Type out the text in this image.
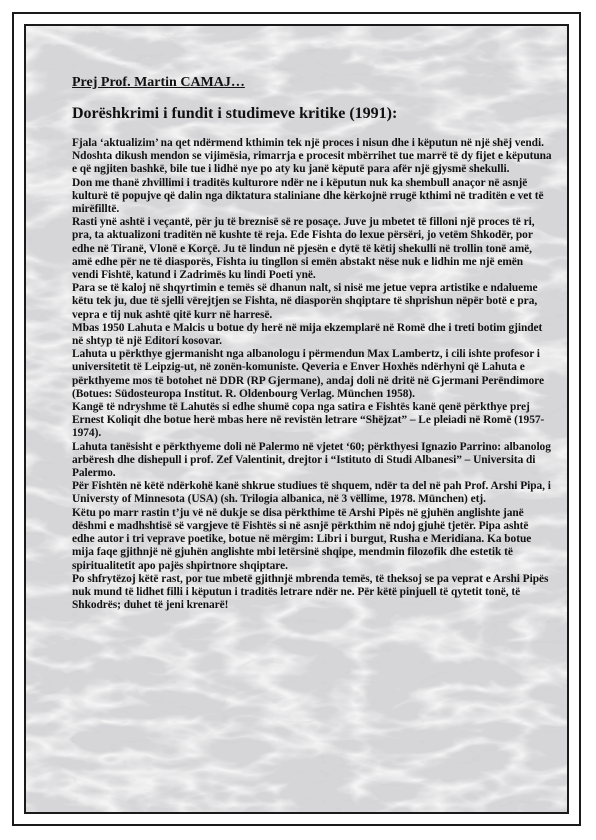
Prej Prof. Martin CAMAJ…
Dorëshkrimi i fundit i studimeve kritike (1991):

Fjala ‘aktualizim’ na qet ndërmend kthimin tek një proces i nisun dhe i këputun në një shëj vendi. Ndoshta dikush mendon se vijimësia, rimarrja e procesit mbërrihet tue marrë të dy fijet e këputuna e që ngjiten bashkë, bile tue i lidhë nye po aty ku janë këputë para afër një gjysmë shekulli.

Don me thanë zhvillimi i traditës kulturore ndër ne i këputun nuk ka shembull anaçor në asnjë kulturë të popujve që dalin nga diktatura staliniane dhe kërkojnë rrugë kthimi në traditën e vet të mirëfilltë.

Rasti ynë ashtë i veçantë, për ju të breznisë së re posaçe. Juve ju mbetet të filloni një proces të ri, pra, ta aktualizoni traditën në kushte të reja. Ede Fishta do lexue përsëri, jo vetëm Shkodër, por edhe në Tiranë, Vlonë e Korçë. Ju të lindun në pjesën e dytë të këtij shekulli në trollin tonë amë, amë edhe për ne të diasporës, Fishta iu tingllon si emën abstakt nëse nuk e lidhin me një emën vendi Fishtë, katund i Zadrimës ku lindi Poeti ynë.

Para se të kaloj në shqyrtimin e temës së dhanun nalt, si nisë me jetue vepra artistike e ndalueme këtu tek ju, due të sjelli vërejtjen se Fishta, në diasporën shqiptare të shprishun nëpër botë e pra, vepra e tij nuk ashtë qitë kurr në harresë.

Mbas 1950 Lahuta e Malcis u botue dy herë në mija ekzemplarë në Romë dhe i treti botim gjindet në shtyp të një Editorí kosovar.

Lahuta u përkthye gjermanisht nga albanologu i përmendun Max Lambertz, i cili ishte profesor i universitetit të Leipzig-ut, në zonën-komuniste. Qeveria e Enver Hoxhës ndërhyni që Lahuta e përkthyeme mos të botohet në DDR (RP Gjermane), andaj doli në dritë në Gjermani Perëndimore (Botues: Südosteuropa Institut. R. Oldenbourg Verlag. München 1958).

Kangë të ndryshme të Lahutës si edhe shumë copa nga satira e Fishtës kanë qenë përkthye prej Ernest Koliqit dhe botue herë mbas here në revistën letrare “Shëjzat” – Le pleiadi në Romë (1957-1974).

Lahuta tanësisht e përkthyeme doli në Palermo në vjetet ‘60; përkthyesi Ignazio Parrino: albanolog arbëresh dhe dishepull i prof. Zef Valentinit, drejtor i “Istituto di Studi Albanesi” – Universita di Palermo.

Për Fishtën në këtë ndërkohë kanë shkrue studiues të shquem, ndër ta del në pah Prof. Arshi Pipa, i Universty of Minnesota (USA) (sh. Trilogia albanica, në 3 vëllime, 1978. München) etj.

Këtu po marr rastin t’ju vë në dukje se disa përkthime të Arshi Pipës në gjuhën anglishte janë dëshmi e madhshtisë së vargjeve të Fishtës si në asnjë përkthim në ndoj gjuhë tjetër. Pipa ashtë edhe autor i tri veprave poetike, botue në mërgim: Libri i burgut, Rusha e Meridiana. Ka botue mija faqe gjithnjë në gjuhën anglishte mbi letërsinë shqipe, mendmin filozofik dhe estetik të spiritualitetit apo pajës shpirtnore shqiptare.

Po shfrytëzoj këtë rast, por tue mbetë gjithnjë mbrenda temës, të theksoj se pa veprat e Arshi Pipës nuk mund të lidhet filli i këputun i traditës letrare ndër ne. Për këtë pinjuell të qytetit tonë, të Shkodrës; duhet të jeni krenarë!
